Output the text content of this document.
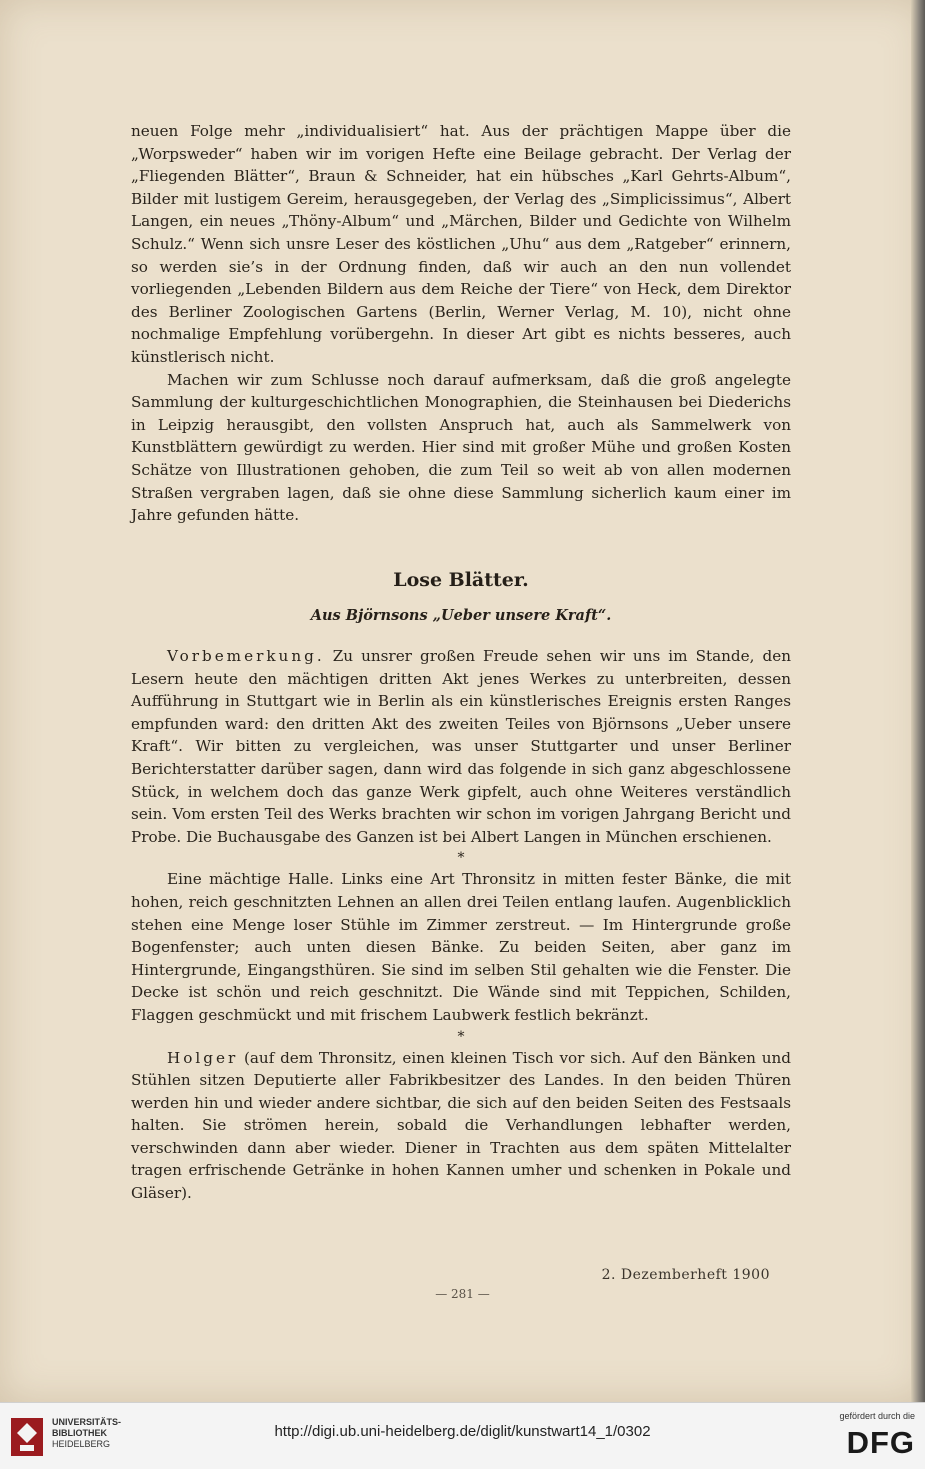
neuen Folge mehr „individualisiert“ hat. Aus der prächtigen Mappe über die „Worpsweder“ haben wir im vorigen Hefte eine Beilage gebracht. Der Verlag der „Fliegenden Blätter“, Braun & Schneider, hat ein hübsches „Karl Gehrts-Album“, Bilder mit lustigem Gereim, herausgegeben, der Verlag des „Simplicissimus“, Albert Langen, ein neues „Thöny-Album“ und „Märchen, Bilder und Gedichte von Wilhelm Schulz.“ Wenn sich unsre Leser des köstlichen „Uhu“ aus dem „Ratgeber“ erinnern, so werden sie’s in der Ordnung finden, daß wir auch an den nun vollendet vorliegenden „Lebenden Bildern aus dem Reiche der Tiere“ von Heck, dem Direktor des Berliner Zoologischen Gartens (Berlin, Werner Verlag, M. 10), nicht ohne nochmalige Empfehlung vorübergehn. In dieser Art gibt es nichts besseres, auch künstlerisch nicht.

Machen wir zum Schlusse noch darauf aufmerksam, daß die groß angelegte Sammlung der kulturgeschichtlichen Monographien, die Steinhausen bei Diederichs in Leipzig herausgibt, den vollsten Anspruch hat, auch als Sammelwerk von Kunstblättern gewürdigt zu werden. Hier sind mit großer Mühe und großen Kosten Schätze von Illustrationen gehoben, die zum Teil so weit ab von allen modernen Straßen vergraben lagen, daß sie ohne diese Sammlung sicherlich kaum einer im Jahre gefunden hätte.

Lose Blätter.
Aus Björnsons „Ueber unsere Kraft“.

Vorbemerkung. Zu unsrer großen Freude sehen wir uns im Stande, den Lesern heute den mächtigen dritten Akt jenes Werkes zu unterbreiten, dessen Aufführung in Stuttgart wie in Berlin als ein künstlerisches Ereignis ersten Ranges empfunden ward: den dritten Akt des zweiten Teiles von Björnsons „Ueber unsere Kraft“. Wir bitten zu vergleichen, was unser Stuttgarter und unser Berliner Berichterstatter darüber sagen, dann wird das folgende in sich ganz abgeschlossene Stück, in welchem doch das ganze Werk gipfelt, auch ohne Weiteres verständlich sein. Vom ersten Teil des Werks brachten wir schon im vorigen Jahrgang Bericht und Probe. Die Buchausgabe des Ganzen ist bei Albert Langen in München erschienen.

*

Eine mächtige Halle. Links eine Art Thronsitz in mitten fester Bänke, die mit hohen, reich geschnitzten Lehnen an allen drei Teilen entlang laufen. Augenblicklich stehen eine Menge loser Stühle im Zimmer zerstreut. — Im Hintergrunde große Bogenfenster; auch unten diesen Bänke. Zu beiden Seiten, aber ganz im Hintergrunde, Eingangsthüren. Sie sind im selben Stil gehalten wie die Fenster. Die Decke ist schön und reich geschnitzt. Die Wände sind mit Teppichen, Schilden, Flaggen geschmückt und mit frischem Laubwerk festlich bekränzt.

*

Holger (auf dem Thronsitz, einen kleinen Tisch vor sich. Auf den Bänken und Stühlen sitzen Deputierte aller Fabrikbesitzer des Landes. In den beiden Thüren werden hin und wieder andere sichtbar, die sich auf den beiden Seiten des Festsaals halten. Sie strömen herein, sobald die Verhandlungen lebhafter werden, verschwinden dann aber wieder. Diener in Trachten aus dem späten Mittelalter tragen erfrischende Getränke in hohen Kannen umher und schenken in Pokale und Gläser).

2. Dezemberheft 1900
— 281 —
UNIVERSITÄTS-
BIBLIOTHEK
HEIDELBERG
http://digi.ub.uni-heidelberg.de/diglit/kunstwart14_1/0302
gefördert durch die
DFG
